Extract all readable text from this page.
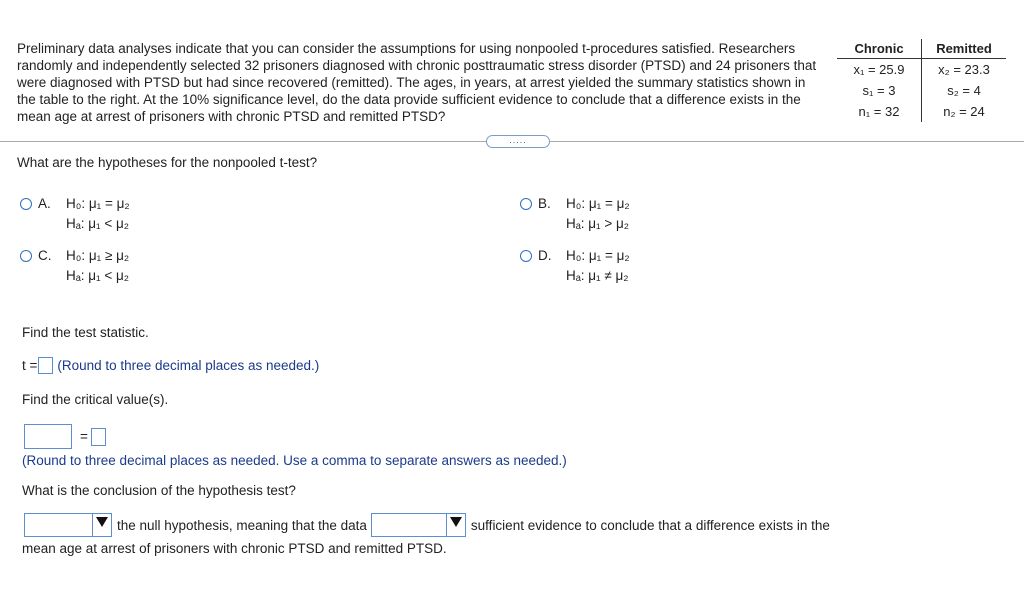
Preliminary data analyses indicate that you can consider the assumptions for using nonpooled t-procedures satisfied. Researchers randomly and independently selected 32 prisoners diagnosed with chronic posttraumatic stress disorder (PTSD) and 24 prisoners that were diagnosed with PTSD but had since recovered (remitted). The ages, in years, at arrest yielded the summary statistics shown in the table to the right. At the 10% significance level, do the data provide sufficient evidence to conclude that a difference exists in the mean age at arrest of prisoners with chronic PTSD and remitted PTSD?

Chronic	Remitted
x₁ = 25.9	x₂ = 23.3
s₁ = 3	s₂ = 4
n₁ = 32	n₂ = 24
.....
What are the hypotheses for the nonpooled t-test?
A.	H₀: μ₁ = μ₂
Hₐ: μ₁ < μ₂
B.	H₀: μ₁ = μ₂
Hₐ: μ₁ > μ₂
C.	H₀: μ₁ ≥ μ₂
Hₐ: μ₁ < μ₂
D.	H₀: μ₁ = μ₂
Hₐ: μ₁ ≠ μ₂
Find the test statistic.
t = (Round to three decimal places as needed.)
Find the critical value(s).
=
(Round to three decimal places as needed. Use a comma to separate answers as needed.)
What is the conclusion of the hypothesis test?
the null hypothesis, meaning that the data	sufficient evidence to conclude that a difference exists in the
mean age at arrest of prisoners with chronic PTSD and remitted PTSD.
